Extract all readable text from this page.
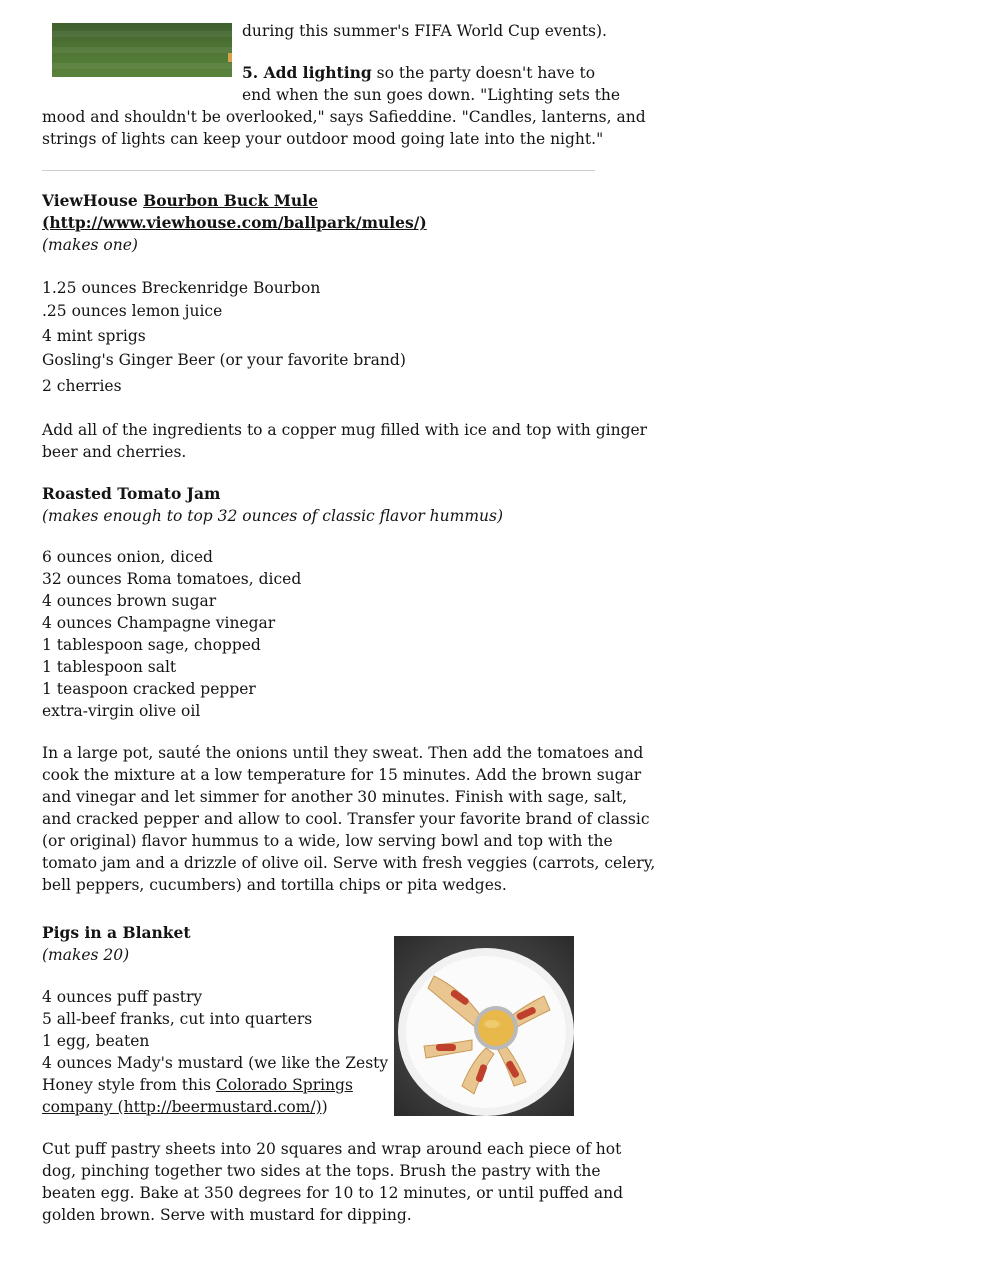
during this summer's FIFA World Cup events).
5. Add lighting so the party doesn't have to
end when the sun goes down. "Lighting sets the
mood and shouldn't be overlooked," says Safieddine. "Candles, lanterns, and
strings of lights can keep your outdoor mood going late into the night."
ViewHouse Bourbon Buck Mule
(http://www.viewhouse.com/ballpark/mules/)
(makes one)
1.25 ounces Breckenridge Bourbon
.25 ounces lemon juice
4 mint sprigs
Gosling's Ginger Beer (or your favorite brand)
2 cherries
Add all of the ingredients to a copper mug filled with ice and top with ginger
beer and cherries.
Roasted Tomato Jam
(makes enough to top 32 ounces of classic flavor hummus)
6 ounces onion, diced
32 ounces Roma tomatoes, diced
4 ounces brown sugar
4 ounces Champagne vinegar
1 tablespoon sage, chopped
1 tablespoon salt
1 teaspoon cracked pepper
extra-virgin olive oil
In a large pot, sauté the onions until they sweat. Then add the tomatoes and
cook the mixture at a low temperature for 15 minutes. Add the brown sugar
and vinegar and let simmer for another 30 minutes. Finish with sage, salt,
and cracked pepper and allow to cool. Transfer your favorite brand of classic
(or original) flavor hummus to a wide, low serving bowl and top with the
tomato jam and a drizzle of olive oil. Serve with fresh veggies (carrots, celery,
bell peppers, cucumbers) and tortilla chips or pita wedges.
Pigs in a Blanket
(makes 20)
4 ounces puff pastry
5 all-beef franks, cut into quarters
1 egg, beaten
4 ounces Mady's mustard (we like the Zesty
Honey style from this Colorado Springs
company (http://beermustard.com/))
Cut puff pastry sheets into 20 squares and wrap around each piece of hot
dog, pinching together two sides at the tops. Brush the pastry with the
beaten egg. Bake at 350 degrees for 10 to 12 minutes, or until puffed and
golden brown. Serve with mustard for dipping.
